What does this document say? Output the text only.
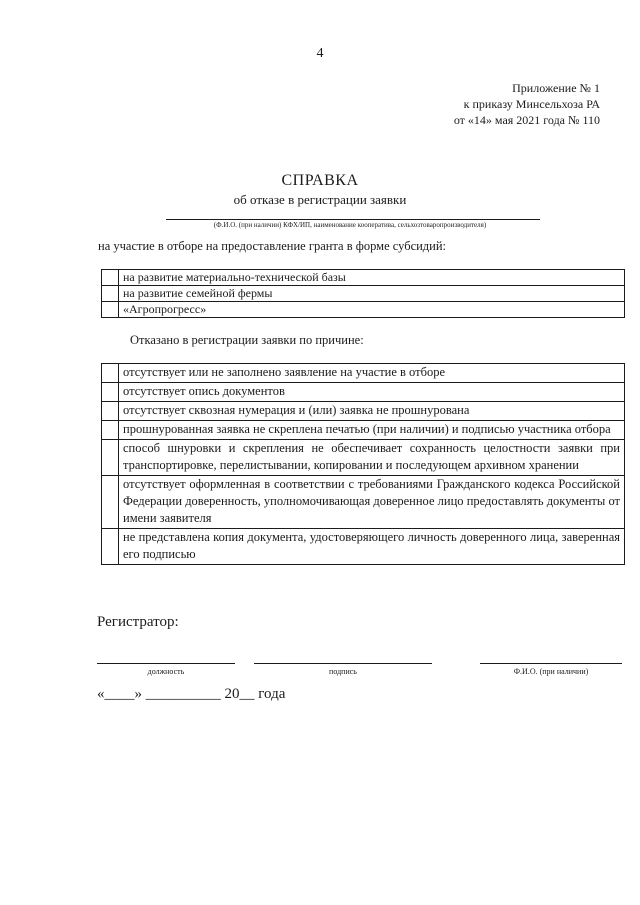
4
Приложение № 1
к приказу Минсельхоза РА
от «14» мая 2021 года № 110
СПРАВКА
об отказе в регистрации заявки
(Ф.И.О. (при наличии) КФХ/ИП, наименование кооператива, сельхозтоваропроизводителя)
на участие в отборе на предоставление гранта в форме субсидий:
	на развитие материально-технической базы
	на развитие семейной фермы
	«Агропрогресс»
Отказано в регистрации заявки по причине:
	отсутствует или не заполнено заявление на участие в отборе
	отсутствует опись документов
	отсутствует сквозная нумерация и (или) заявка не прошнурована
	прошнурованная заявка не скреплена печатью (при наличии) и подписью участника отбора
	способ шнуровки и скрепления не обеспечивает сохранность целостности заявки при транспортировке, перелистывании, копировании и последующем архивном хранении
	отсутствует оформленная в соответствии с требованиями Гражданского кодекса Российской Федерации доверенность, уполномочивающая доверенное лицо предоставлять документы от имени заявителя
	не представлена копия документа, удостоверяющего личность доверенного лица, заверенная его подписью
Регистратор:
должность	подпись	Ф.И.О. (при наличии)
«____» __________ 20__ года
